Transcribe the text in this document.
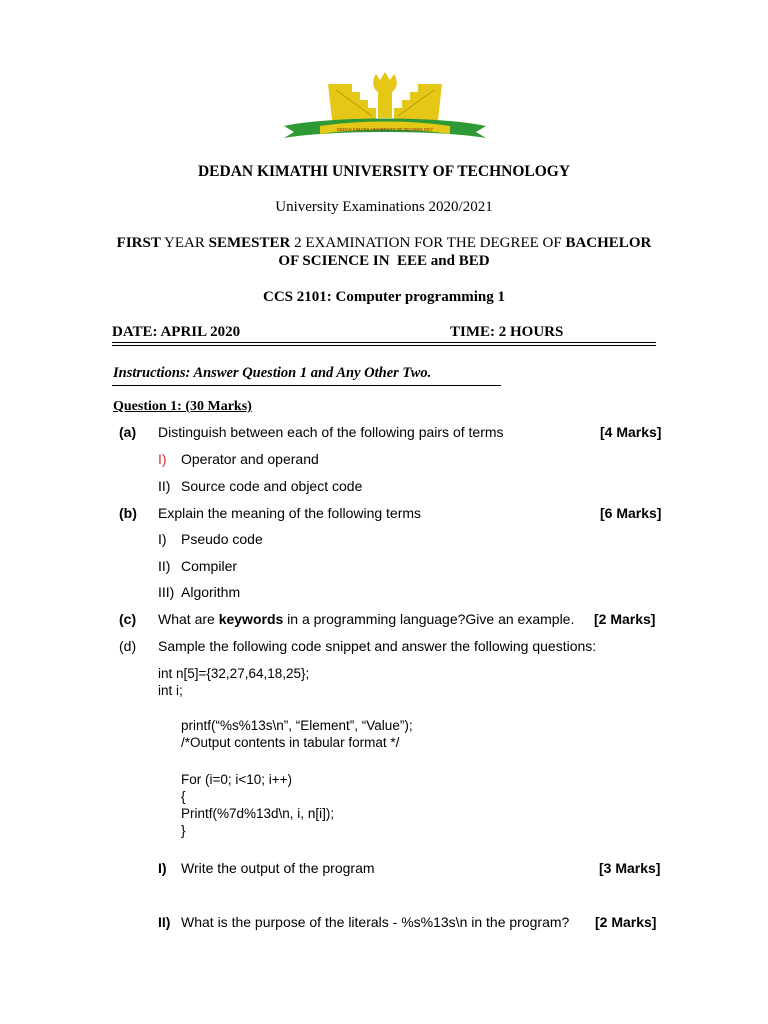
DEDAN KIMATHI UNIVERSITY OF TECHNOLOGY
DEDAN KIMATHI UNIVERSITY OF TECHNOLOGY
University Examinations 2020/2021
FIRST YEAR SEMESTER 2 EXAMINATION FOR THE DEGREE OF BACHELOR
OF SCIENCE IN  EEE and BED
CCS 2101: Computer programming 1
DATE: APRIL 2020	TIME: 2 HOURS
Instructions: Answer Question 1 and Any Other Two.
Question 1: (30 Marks)
(a) Distinguish between each of the following pairs of terms	[4 Marks]
I) Operator and operand
II) Source code and object code
(b) Explain the meaning of the following terms	[6 Marks]
I) Pseudo code
II) Compiler
III) Algorithm
(c) What are keywords in a programming language?Give an example. [2 Marks]
(d) Sample the following code snippet and answer the following questions:
int n[5]={32,27,64,18,25};
int i;
printf(“%s%13s\n”, “Element”, “Value”);
/*Output contents in tabular format */
For (i=0; i<10; i++)
{
Printf(%7d%13d\n, i, n[i]);
}
I) Write the output of the program	[3 Marks]
II) What is the purpose of the literals - %s%13s\n in the program? [2 Marks]
